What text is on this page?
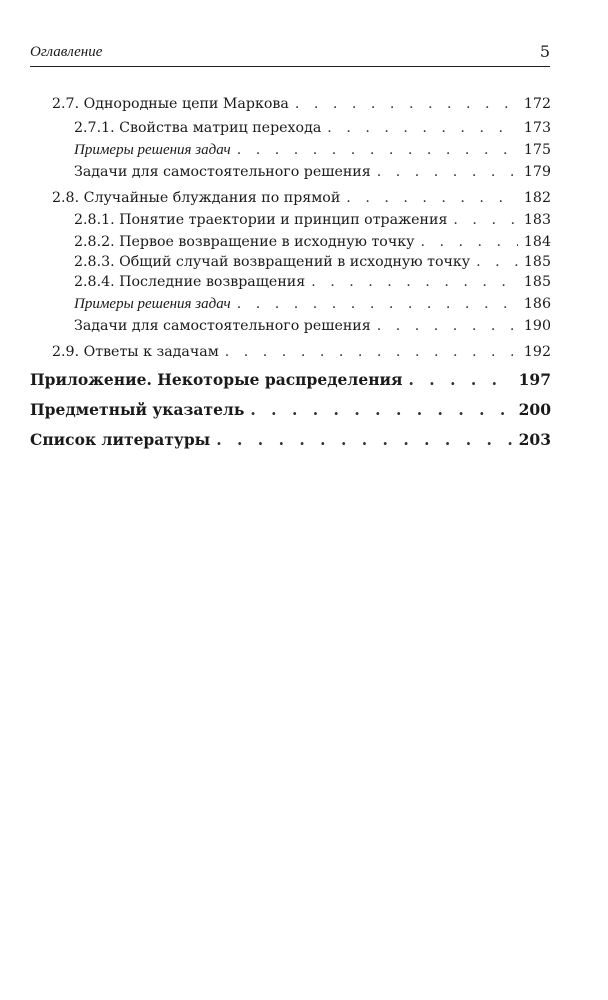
Оглавление	5
2.7. Однородные цепи Маркова . . .	172
2.7.1. Свойства матриц перехода . . .	173
Примеры решения задач . . .	175
Задачи для самостоятельного решения . . .	179
2.8. Случайные блуждания по прямой . . .	182
2.8.1. Понятие траектории и принцип отражения . . .	183
2.8.2. Первое возвращение в исходную точку . . .	184
2.8.3. Общий случай возвращений в исходную точку . . .	185
2.8.4. Последние возвращения . . .	185
Примеры решения задач . . .	186
Задачи для самостоятельного решения . . .	190
2.9. Ответы к задачам . . .	192
Приложение. Некоторые распределения . . .	197
Предметный указатель . . .	200
Список литературы . . .	203
